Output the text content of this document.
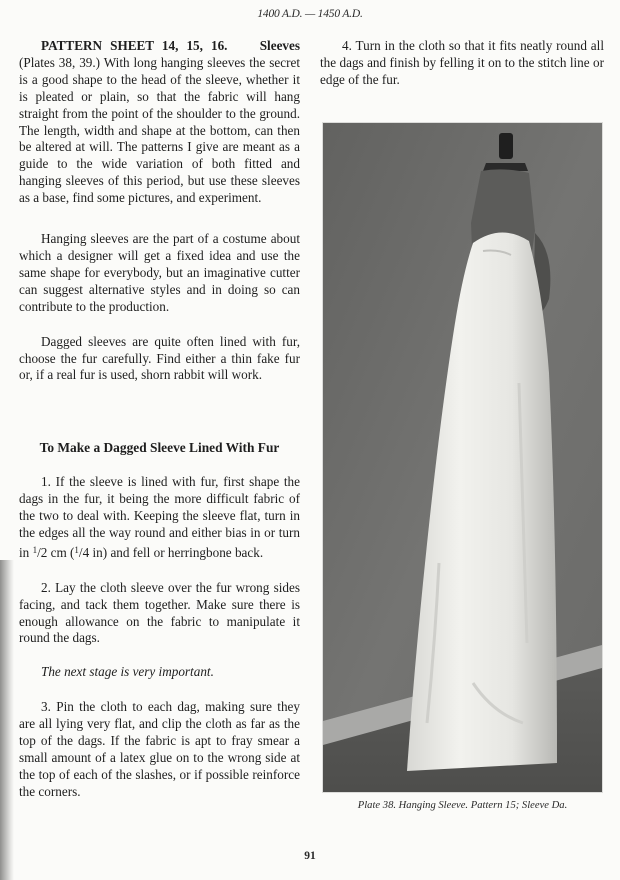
1400 A.D. — 1450 A.D.

PATTERN SHEET 14, 15, 16. Sleeves (Plates 38, 39.) With long hanging sleeves the secret is a good shape to the head of the sleeve, whether it is pleated or plain, so that the fabric will hang straight from the point of the shoulder to the ground. The length, width and shape at the bottom, can then be altered at will. The patterns I give are meant as a guide to the wide variation of both fitted and hanging sleeves of this period, but use these sleeves as a base, find some pictures, and experiment.

Hanging sleeves are the part of a costume about which a designer will get a fixed idea and use the same shape for everybody, but an imaginative cutter can suggest alternative styles and in doing so can contribute to the production.

Dagged sleeves are quite often lined with fur, choose the fur carefully. Find either a thin fake fur or, if a real fur is used, shorn rabbit will work.

To Make a Dagged Sleeve Lined With Fur

1. If the sleeve is lined with fur, first shape the dags in the fur, it being the more difficult fabric of the two to deal with. Keeping the sleeve flat, turn in the edges all the way round and either bias in or turn in $^1$/2 cm ($^1$/4 in) and fell or herringbone back.

2. Lay the cloth sleeve over the fur wrong sides facing, and tack them together. Make sure there is enough allowance on the fabric to manipulate it round the dags.

The next stage is very important.

3. Pin the cloth to each dag, making sure they are all lying very flat, and clip the cloth as far as the top of the dags. If the fabric is apt to fray smear a small amount of a latex glue on to the wrong side at the top of each of the slashes, or if possible reinforce the corners.

4. Turn in the cloth so that it fits neatly round all the dags and finish by felling it on to the stitch line or edge of the fur.

Plate 38. Hanging Sleeve. Pattern 15; Sleeve Da.
91
